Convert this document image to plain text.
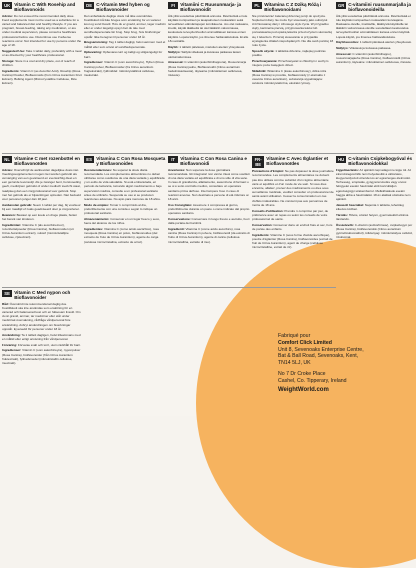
UK Vitamin C With Rosehip and Bioflavonoids
Advice: Do not exceed the recommended daily dose. Food supplements must not be used as a substitute for a varied and balanced diet and healthy lifestyle. If you are pregnant, breast-feeding, taking any medication, or are under medical supervision, please consult a healthcare professional before use. Discontinue use if adverse reactions occur. Not intended for use by persons under the age of 18.
Suggested Use: Take 1 tablet daily, preferably with a meal or as directed by your healthcare professional.
Storage: Store in a cool and dry place, out of reach of children.
Ingredients: Vitamin C (as Ascorbic Acid), Rosehip (Rosa Canina) Powder, Bioflavonoids (from Citrus Aurantium Fruit Extract), Bulking Agent (Microcrystalline Cellulose, Rice Extract).
DE C-Vitamin Med hyben og Bioflavonoider
Den anbefalede daglige dosis må ikke overskrides. Kosttilskud må ikke bruges som erstatning for en varieret kost og sund livsstil. Hvis du er gravid, ammer, tager medicin eller er under lægeligt opsyn bør du tale med sundhedspersonale før brug. Stop brug, hvis bivirkninger opstår. Ikke beregnet til personer under 18 år.
Brugsanvisning: Tag 1 tablet dagligt, helst sammen med et måltid eller som anvist af sundhedspersonale.
Opbevaring: Opbevares tørt og køligt og utilgængeligt for børn.
Ingredienser: Vitamin C (som ascorbinsyre), Hyben (Rosa Canina) pulver, Bioflavonoider (fra Citrus aurantium frugtekstrakt), fyldmiddel: mikrokrystallinsk cellulose, risekstrakt.
FI	Vitamiini C Ruusunmarja- ja Bioflavonoidit
Älä ylitä suositeltua päivittäistä annosta. Ravintolisiä ei tule käyttää monipuolisen ja tasapainoisen ruokavalion sekä terveellisten elämäntapojen korvikkeena. Jos olet raskaana, imetät, käytät lääkkeitä tai olet lääkärin valvonnassa, keskustele terveydenhuollon ammattilaisen kanssa ennen käyttöä. Lopeta käyttö, jos ilmenee haittavaikutuksia. Ei alle 18-vuotiaille.
Käyttö: 1 tabletti päivässä, mieluiten aterian yhteydessä.
Säilytys: Säilytä viileässä ja kuivassa paikassa lasten ulottumattomissa.
Ainesosat: C-vitamiini (askorbiinihappona), Ruusunmarja (Rosa Canina) jauhe, Bioflavonoidit (Citrus aurantium hedelmäuutteesta), täyteaine (mikrokiteinen selluloosa, riisiuute).
PL Witamina C Z Dziką Różą i Bioflawonoidami
Nie przekraczać zalecanej dziennej porcji do spożycia. Suplement diety nie może być stosowany jako substytut zróżnicowanej diety i zdrowego stylu życia. W przypadku ciąży, karmienia piersią, przyjmowania leków lub pozostawania pod opieką lekarza przed użyciem skonsultuj się z lekarzem. Przerwij stosowanie w przypadku wystąpienia działań niepożądanych. Nie dla osób poniżej 18 roku życia.
Sposób użycia: 1 tabletka dziennie, najlepiej podczas posiłku.
Przechowywanie: Przechowywać w chłodnym i suchym miejscu poza zasięgiem dzieci.
Składniki: Witamina C (kwas askorbinowy), dzika róża (Rosa Canina) w proszku, bioflawonoidy (z ekstraktu z owoców Citrus aurantium), substancja wypełniająca: celuloza mikrokrystaliczna, ekstrakt ryżowy.
GR C-vitamiini ruusunmarjalla ja bioflavonoideilla
Älä ylitä suositeltua päivittäistä annosta. Ravintolisää ei tule käyttää monipuolisen ruokavalion korvaajana. Raskaana oleville, imettäville, lääkitystä käyttäville tai lääkärin valvonnassa oleville suositellaan keskustelua terveydenhuollon ammattilaisen kanssa ennen käyttöä. Lopeta käyttö, jos ilmenee haittavaikutuksia.
Käyttösuositus: 1 tabletti päivässä aterian yhteydessä.
Säilytys: Viileässä ja kuivassa paikassa.
Ainesosat: C-vitamiini (askorbiinihappo), ruusunmarjajauhe (Rosa Canina), bioflavonoidit (Citrus aurantium), täyteaine: mikrokiteinen selluloosa, riisiuute.
NL Vitamine C met rozenbottel en Bioflavonoïden
Advies: Overschrijd de aanbevolen dagelijkse dosis niet. Voedingssupplementen mogen niet worden gebruikt als vervanging van een gevarieerd en evenwichtig dieet en een gezonde levensstijl. Als je zwanger bent, borstvoeding geeft, medicijnen gebruikt of onder medisch toezicht staat, raadpleeg dan een zorgprofessional voor gebruik. Stop met het gebruik als er bijwerkingen optreden. Niet bedoeld voor personen jonger dan 18 jaar.
Aanbevolen gebruik: Neem 1 tablet per dag, bij voorkeur bij een maaltijd of zoals geadviseerd door je zorgverlener.
Bewaren: Bewaar op een koele en droge plaats, buiten het bereik van kinderen.
Ingrediënten: Vitamine C (als ascorbinezuur), rozenbottelpoeder (Rosa Canina), bioflavonoïden (uit Citrus Aurantium extract), vulstof (microkristallijne cellulose, rijstextract).
ES Vitamina C Con Rosa Mosqueta y Bioflavonoides
Recomendaciones: No superar la dosis diaria recomendada. Los complementos alimenticios no deben utilizarse como sustitutos de una dieta variada y equilibrada y un estilo de vida saludable. Si está embarazada, en período de lactancia, tomando algún medicamento o bajo supervisión médica, consulte a un profesional sanitario antes de utilizarlo. Suspenda su uso si se producen reacciones adversas. No apto para menores de 18 años.
Modo de empleo: Tomar 1 comprimido al día, preferiblemente con una comida o según lo indique un profesional sanitario.
Almacenamiento: Conservar en un lugar fresco y seco, fuera del alcance de los niños.
Ingredientes: Vitamina C (como ácido ascórbico), rosa mosqueta (Rosa Canina) en polvo, bioflavonoides (del extracto de fruto de Citrus Aurantium), agente de carga (celulosa microcristalina, extracto de arroz).
IT	Vitamina C Con Rosa Canina e Bioflavonoidi
Avvertenze: Non superare la dose giornaliera raccomandata. Gli integratori non vanno intesi come sostituti di una dieta variata ed equilibrata e di uno stile di vita sano. In caso di gravidanza, allattamento, assunzione di farmaci o se si è sotto controllo medico, consultare un operatore sanitario prima dell'uso. Interrompere l'uso in caso di reazioni avverse. Non destinato a persone di età inferiore ai 18 anni.
Uso Consigliato: Assumere 1 compressa al giorno, preferibilmente durante un pasto o come indicato dal proprio operatore sanitario.
Conservazione: Conservare in luogo fresco e asciutto, fuori dalla portata dei bambini.
Ingredienti: Vitamina C (come acido ascorbico), rosa canina (Rosa Canina) in polvere, bioflavonoidi (da estratto di frutto di Citrus Aurantium), agente di carica (cellulosa microcristallina, estratto di riso).
FR-BE
Vitamine C Avec Églantier et Bioflavonoïdes
Précautions d'Emploi: Ne pas dépasser la dose journalière recommandée. Les compléments alimentaires ne doivent pas être utilisés comme substitut d'un régime alimentaire varié et équilibré et d'un mode de vie sain. Si vous êtes enceinte, allaitez, prenez des médicaments ou êtes sous surveillance médicale, veuillez consulter un professionnel de santé avant utilisation. Cesser la consommation en cas d'effets indésirables. Ne convient pas aux personnes de moins de 18 ans.
Conseils d'utilisation: Prendre 1 comprimé par jour, de préférence avec un repas ou selon les conseils de votre professionnel de santé.
Conservation: Conserver dans un endroit frais et sec, hors de portée des enfants.
Ingrédients: Vitamine C (sous forme d'acide ascorbique), poudre d'églantier (Rosa Canina), bioflavonoïdes (extrait de fruit de Citrus Aurantium), agent de charge (cellulose microcristalline, extrait de riz).
HU C-vitamin Csipkebogyóval és Bioflavonoidokkal
Figyelmeztetés: Az ajánlott napi adagot ne lépje túl. Az étrend-kiegészítők nem helyettesítik a változatos, kiegyensúlyozott étrendet és az egészséges életmódot. Terhesség, szoptatás, gyógyszerszedés vagy orvosi felügyelet esetén használat előtt konzultáljon egészségügyi szakemberrel. Mellékhatások esetén hagyja abba a használatát. 18 év alattiak számára nem ajánlott.
Javasolt használat: Naponta 1 tabletta, lehetőleg étkezés közben.
Tárolás: Hűvös, száraz helyen, gyermekektől elzárva tárolandó.
Összetevők: C-vitamin (aszkorbinsav), csipkebogyó por (Rosa Canina), bioflavonoidok (Citrus aurantium gyümölcskivonatból), töltőanyag: mikrokristályos cellulóz, rizskivonat.
SE Vitamin C Med nypon och Bioflavonoider
Råd: Överskrid inte rekommenderad daglig dos. Kosttillskott ska inte användas som ersättning för en varierad och balanserad kost och en hälsosam livsstil. Om du är gravid, ammar, tar mediciner eller står under medicinsk övervakning, rådfråga vårdpersonal före användning. Avbryt användningen om biverkningar uppstår. Ej avsedd för personer under 18 år.
Användning: Ta 1 tablett dagligen, helst tillsammans med en måltid eller enligt anvisning från vårdpersonal.
Förvaring: Förvaras svalt och torrt, utom räckhåll för barn.
Ingredienser: Vitamin C (som askorbinsyra), nyponpulver (Rosa Canina), bioflavonoider (från Citrus Aurantium fruktextrakt), fyllnadsmedel (mikrokristallin cellulosa, risextrakt).
Fabriqué pour
Comfort Click Limited
Unit 8, Sevenoaks Enterprise Centre,
Bat & Ball Road, Sevenoaks, Kent,
TN14 5LJ, UK
No 7 Dr Croke Place
Cashel, Co. Tipperary, Ireland
WeightWorld.com
